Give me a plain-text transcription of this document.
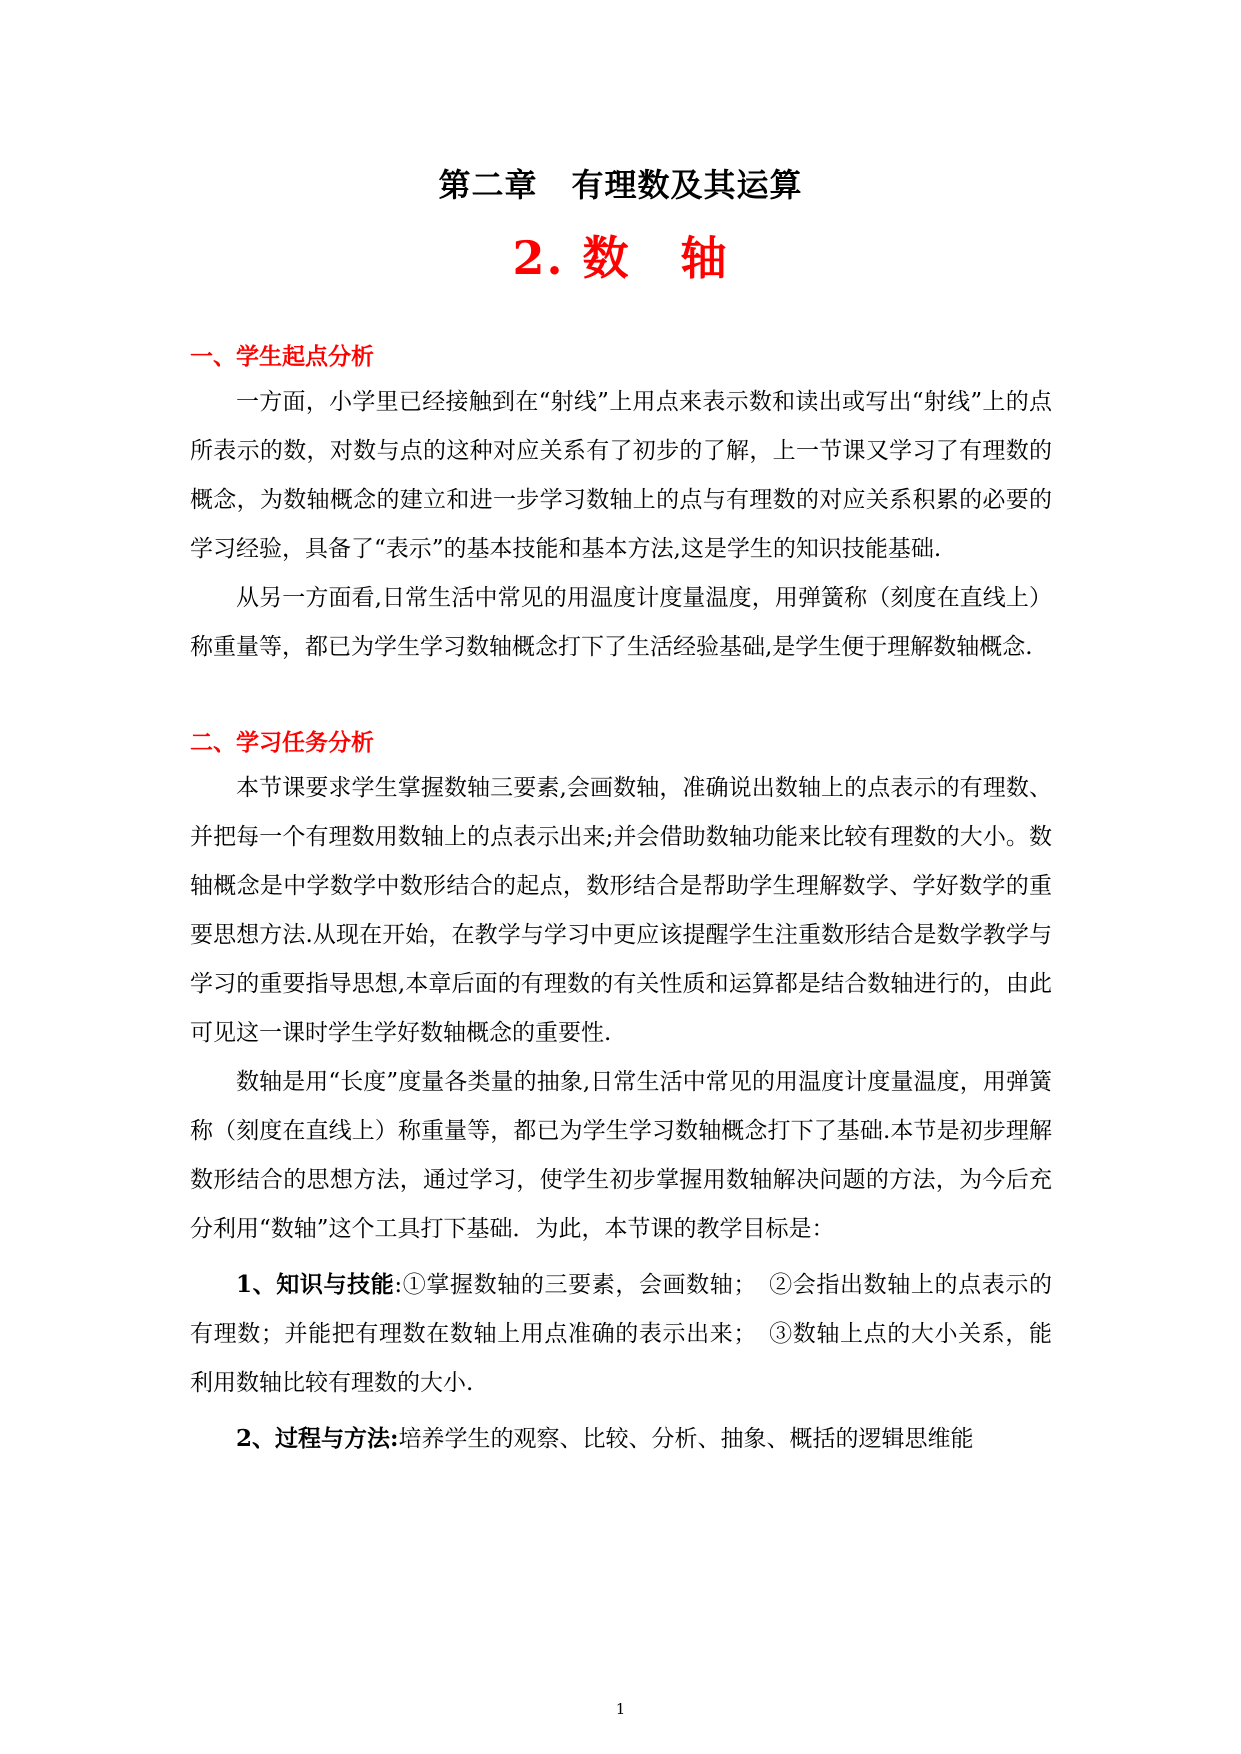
第二章 有理数及其运算
2. 数 轴

一、学生起点分析

一方面，小学里已经接触到在“射线”上用点来表示数和读出或写出“射线”上的点所表示的数，对数与点的这种对应关系有了初步的了解，上一节课又学习了有理数的概念，为数轴概念的建立和进一步学习数轴上的点与有理数的对应关系积累的必要的学习经验，具备了“表示”的基本技能和基本方法,这是学生的知识技能基础.

从另一方面看,日常生活中常见的用温度计度量温度，用弹簧称（刻度在直线上）称重量等，都已为学生学习数轴概念打下了生活经验基础,是学生便于理解数轴概念.

二、学习任务分析

本节课要求学生掌握数轴三要素,会画数轴，准确说出数轴上的点表示的有理数、并把每一个有理数用数轴上的点表示出来;并会借助数轴功能来比较有理数的大小。数轴概念是中学数学中数形结合的起点，数形结合是帮助学生理解数学、学好数学的重要思想方法.从现在开始，在教学与学习中更应该提醒学生注重数形结合是数学教学与学习的重要指导思想,本章后面的有理数的有关性质和运算都是结合数轴进行的，由此可见这一课时学生学好数轴概念的重要性.

数轴是用“长度”度量各类量的抽象,日常生活中常见的用温度计度量温度，用弹簧称（刻度在直线上）称重量等，都已为学生学习数轴概念打下了基础.本节是初步理解数形结合的思想方法，通过学习，使学生初步掌握用数轴解决问题的方法，为今后充分利用“数轴”这个工具打下基础．为此，本节课的教学目标是：

1、知识与技能:①掌握数轴的三要素，会画数轴；　②会指出数轴上的点表示的有理数；并能把有理数在数轴上用点准确的表示出来；　③数轴上点的大小关系，能利用数轴比较有理数的大小.

2、过程与方法:培养学生的观察、比较、分析、抽象、概括的逻辑思维能

1
